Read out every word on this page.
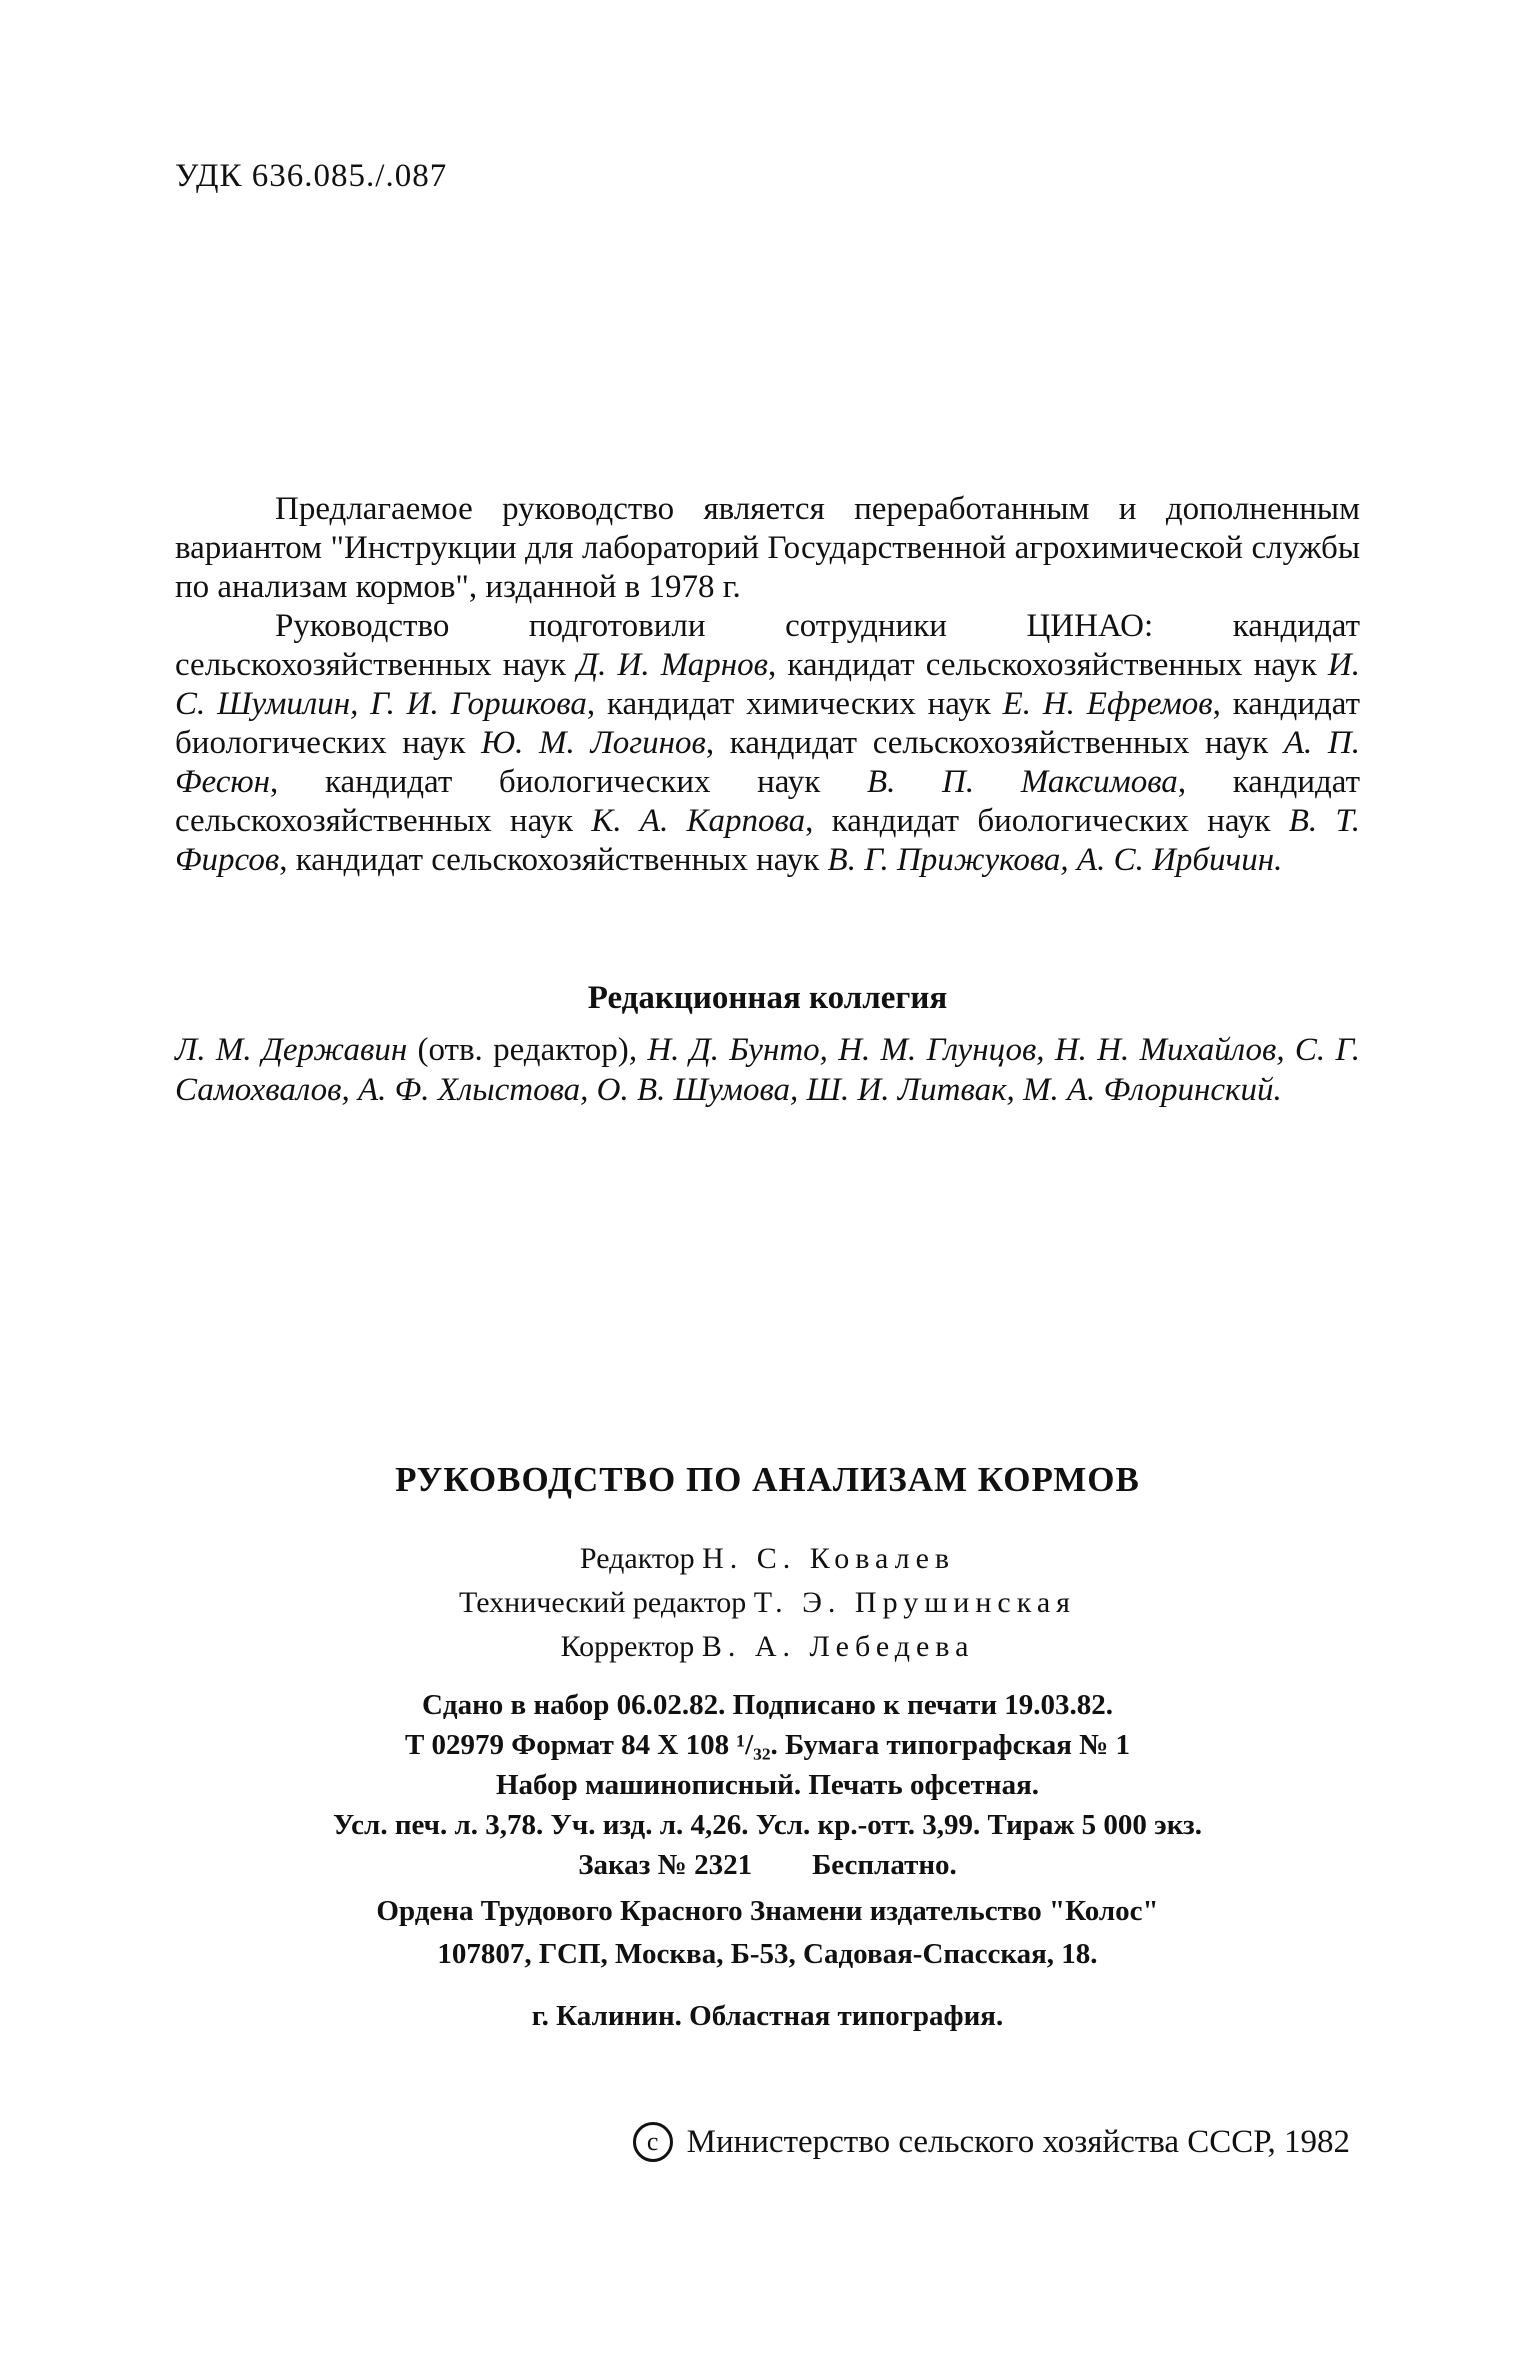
УДК 636.085./.087

Предлагаемое руководство является переработанным и дополненным вариантом "Инструкции для лабораторий Государственной агрохимической службы по анализам кормов", изданной в 1978 г.

Руководство подготовили сотрудники ЦИНАО: кандидат сельскохозяйственных наук Д. И. Марнов, кандидат сельскохозяйственных наук И. С. Шумилин, Г. И. Горшкова, кандидат химических наук Е. Н. Ефремов, кандидат биологических наук Ю. М. Логинов, кандидат сельскохозяйственных наук А. П. Фесюн, кандидат биологических наук В. П. Максимова, кандидат сельскохозяйственных наук К. А. Карпова, кандидат биологических наук В. Т. Фирсов, кандидат сельскохозяйственных наук В. Г. Прижукова, А. С. Ирбичин.

Редакционная коллегия
Л. М. Державин (отв. редактор), Н. Д. Бунто, Н. М. Глунцов, Н. Н. Михайлов, С. Г. Самохвалов, А. Ф. Хлыстова, О. В. Шумова, Ш. И. Литвак, М. А. Флоринский.
РУКОВОДСТВО ПО АНАЛИЗАМ КОРМОВ
Редактор Н. С. Ковалев
Технический редактор Т. Э. Прушинская
Корректор В. А. Лебедева
Сдано в набор 06.02.82. Подписано к печати 19.03.82.
Т 02979 Формат 84 X 108 ¹/₃₂. Бумага типографская № 1
Набор машинописный. Печать офсетная.
Усл. печ. л. 3,78. Уч. изд. л. 4,26. Усл. кр.-отт. 3,99. Тираж 5 000 экз.
Заказ № 2321 Бесплатно.
Ордена Трудового Красного Знамени издательство "Колос"
107807, ГСП, Москва, Б-53, Садовая-Спасская, 18.
г. Калинин. Областная типография.
c Министерство сельского хозяйства СССР, 1982
